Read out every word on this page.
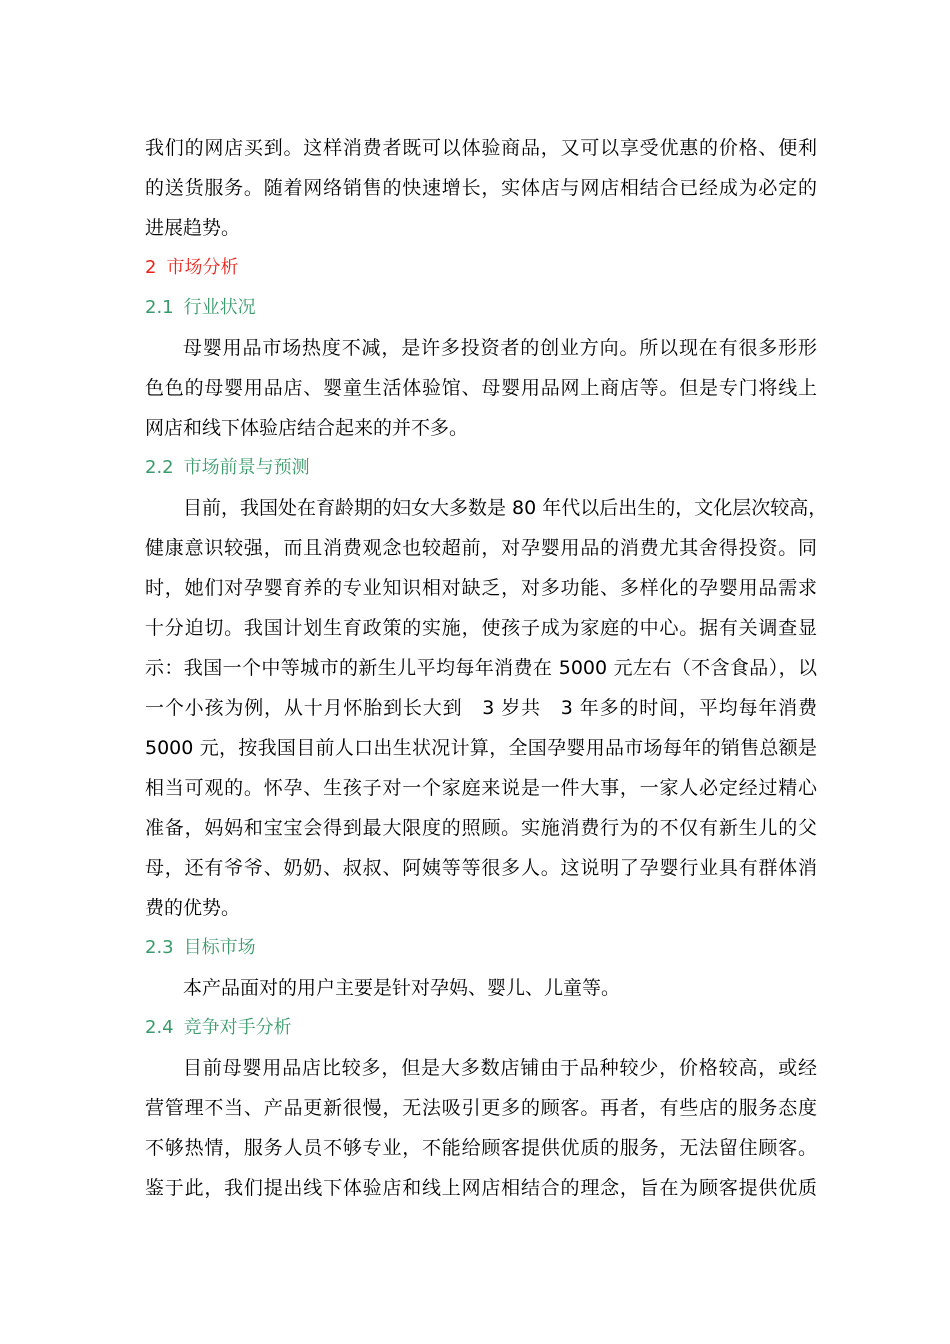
我们的网店买到。这样消费者既可以体验商品，又可以享受优惠的价格、便利
的送货服务。随着网络销售的快速增长，实体店与网店相结合已经成为必定的
进展趋势。
2 市场分析
2.1 行业状况
母婴用品市场热度不减，是许多投资者的创业方向。所以现在有很多形形
色色的母婴用品店、婴童生活体验馆、母婴用品网上商店等。但是专门将线上
网店和线下体验店结合起来的并不多。
2.2 市场前景与预测
目前，我国处在育龄期的妇女大多数是 80 年代以后出生的，文化层次较高，
健康意识较强，而且消费观念也较超前，对孕婴用品的消费尤其舍得投资。同
时，她们对孕婴育养的专业知识相对缺乏，对多功能、多样化的孕婴用品需求
十分迫切。我国计划生育政策的实施，使孩子成为家庭的中心。据有关调查显
示：我国一个中等城市的新生儿平均每年消费在 5000 元左右（不含食品），以
一个小孩为例，从十月怀胎到长大到　3 岁共　3 年多的时间，平均每年消费
5000 元，按我国目前人口出生状况计算，全国孕婴用品市场每年的销售总额是
相当可观的。怀孕、生孩子对一个家庭来说是一件大事，一家人必定经过精心
准备，妈妈和宝宝会得到最大限度的照顾。实施消费行为的不仅有新生儿的父
母，还有爷爷、奶奶、叔叔、阿姨等等很多人。这说明了孕婴行业具有群体消
费的优势。
2.3 目标市场
本产品面对的用户主要是针对孕妈、婴儿、儿童等。
2.4 竞争对手分析
目前母婴用品店比较多，但是大多数店铺由于品种较少，价格较高，或经
营管理不当、产品更新很慢，无法吸引更多的顾客。再者，有些店的服务态度
不够热情，服务人员不够专业，不能给顾客提供优质的服务，无法留住顾客。
鉴于此，我们提出线下体验店和线上网店相结合的理念，旨在为顾客提供优质
